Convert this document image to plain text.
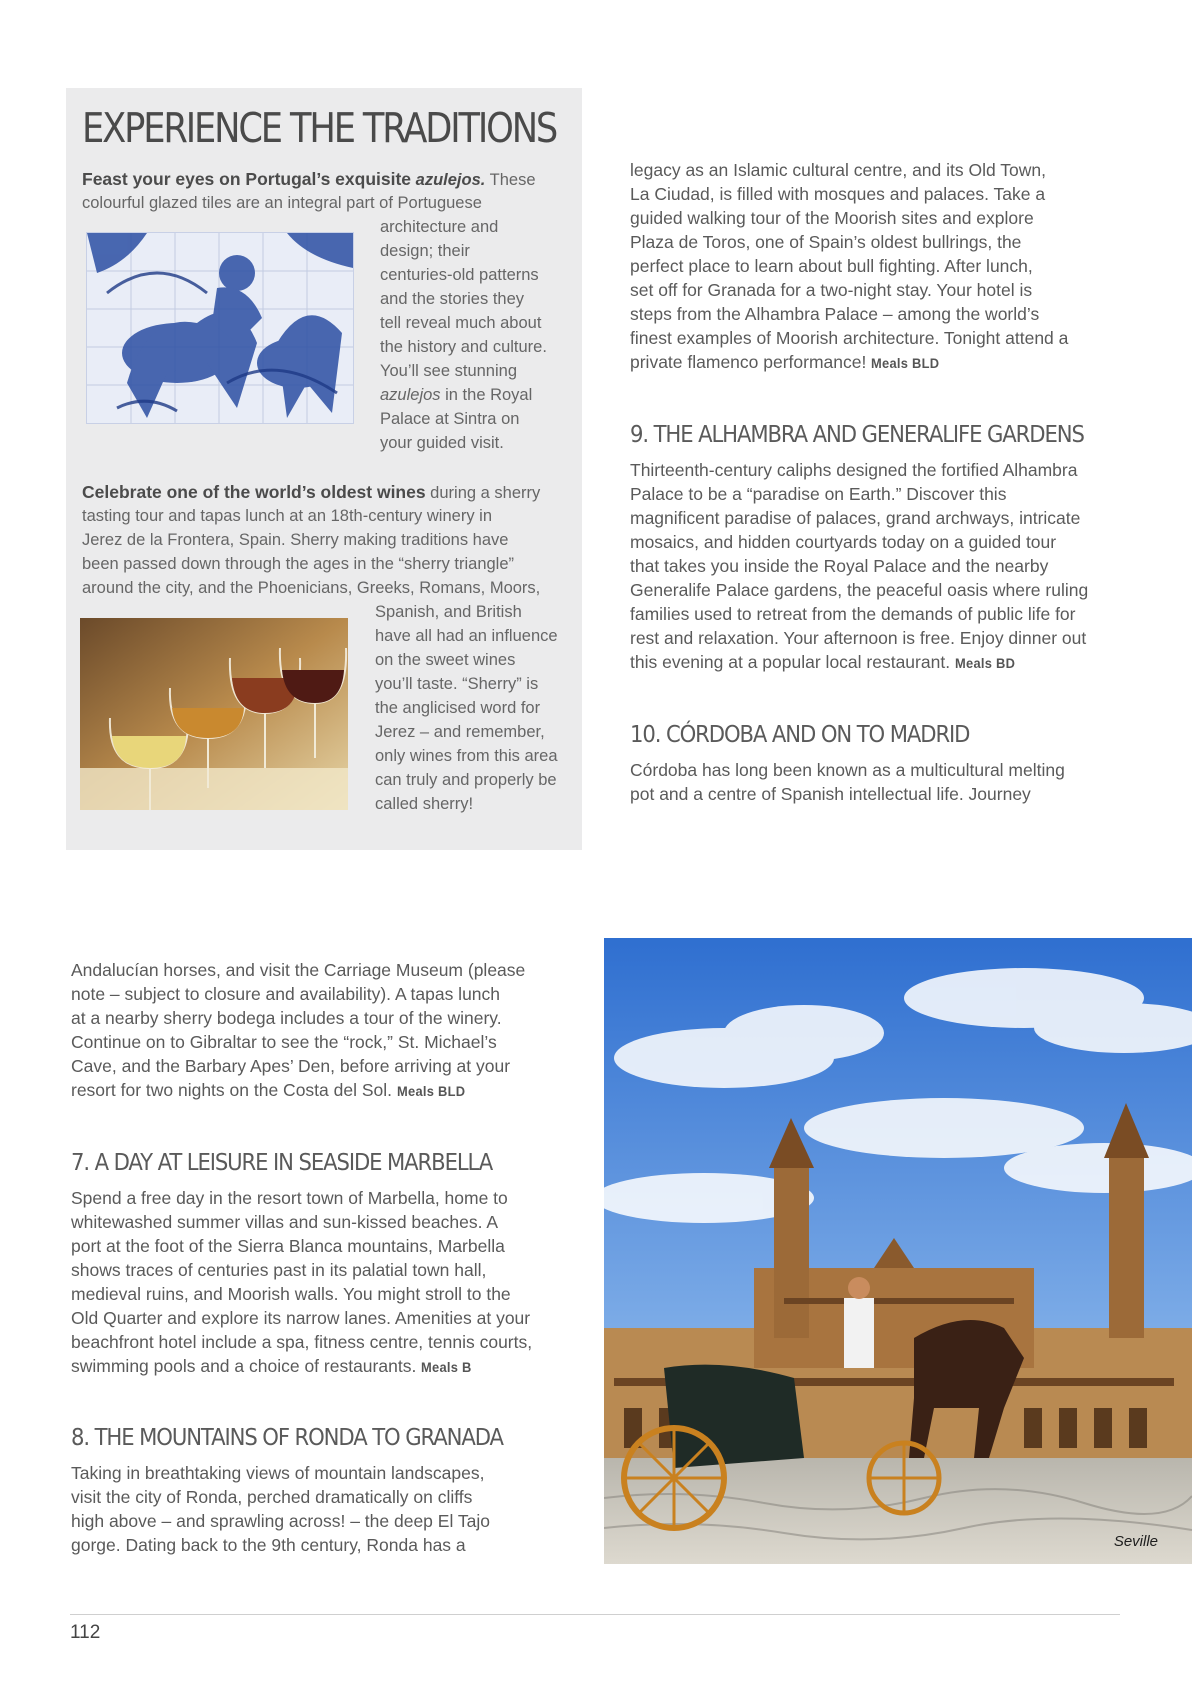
EXPERIENCE THE TRADITIONS
Feast your eyes on Portugal’s exquisite azulejos. These
colourful glazed tiles are an integral part of Portuguese
architecture and
design; their
centuries-old patterns
and the stories they
tell reveal much about
the history and culture.
You’ll see stunning
azulejos in the Royal
Palace at Sintra on
your guided visit.
Celebrate one of the world’s oldest wines during a sherry
tasting tour and tapas lunch at an 18th-century winery in
Jerez de la Frontera, Spain. Sherry making traditions have
been passed down through the ages in the “sherry triangle”
around the city, and the Phoenicians, Greeks, Romans, Moors,
Spanish, and British
have all had an influence
on the sweet wines
you’ll taste. “Sherry” is
the anglicised word for
Jerez – and remember,
only wines from this area
can truly and properly be
called sherry!
legacy as an Islamic cultural centre, and its Old Town,
La Ciudad, is filled with mosques and palaces. Take a
guided walking tour of the Moorish sites and explore
Plaza de Toros, one of Spain’s oldest bullrings, the
perfect place to learn about bull fighting. After lunch,
set off for Granada for a two-night stay. Your hotel is
steps from the Alhambra Palace – among the world’s
finest examples of Moorish architecture. Tonight attend a
private flamenco performance! Meals BLD
9. THE ALHAMBRA AND GENERALIFE GARDENS
Thirteenth-century caliphs designed the fortified Alhambra
Palace to be a “paradise on Earth.” Discover this
magnificent paradise of palaces, grand archways, intricate
mosaics, and hidden courtyards today on a guided tour
that takes you inside the Royal Palace and the nearby
Generalife Palace gardens, the peaceful oasis where ruling
families used to retreat from the demands of public life for
rest and relaxation. Your afternoon is free. Enjoy dinner out
this evening at a popular local restaurant. Meals BD
10. CÓRDOBA AND ON TO MADRID
Córdoba has long been known as a multicultural melting
pot and a centre of Spanish intellectual life. Journey
Andalucían horses, and visit the Carriage Museum (please
note – subject to closure and availability). A tapas lunch
at a nearby sherry bodega includes a tour of the winery.
Continue on to Gibraltar to see the “rock,” St. Michael’s
Cave, and the Barbary Apes’ Den, before arriving at your
resort for two nights on the Costa del Sol. Meals BLD
7. A DAY AT LEISURE IN SEASIDE MARBELLA
Spend a free day in the resort town of Marbella, home to
whitewashed summer villas and sun-kissed beaches. A
port at the foot of the Sierra Blanca mountains, Marbella
shows traces of centuries past in its palatial town hall,
medieval ruins, and Moorish walls. You might stroll to the
Old Quarter and explore its narrow lanes. Amenities at your
beachfront hotel include a spa, fitness centre, tennis courts,
swimming pools and a choice of restaurants. Meals B
8. THE MOUNTAINS OF RONDA TO GRANADA
Taking in breathtaking views of mountain landscapes,
visit the city of Ronda, perched dramatically on cliffs
high above – and sprawling across! – the deep El Tajo
gorge. Dating back to the 9th century, Ronda has a	Seville
112
